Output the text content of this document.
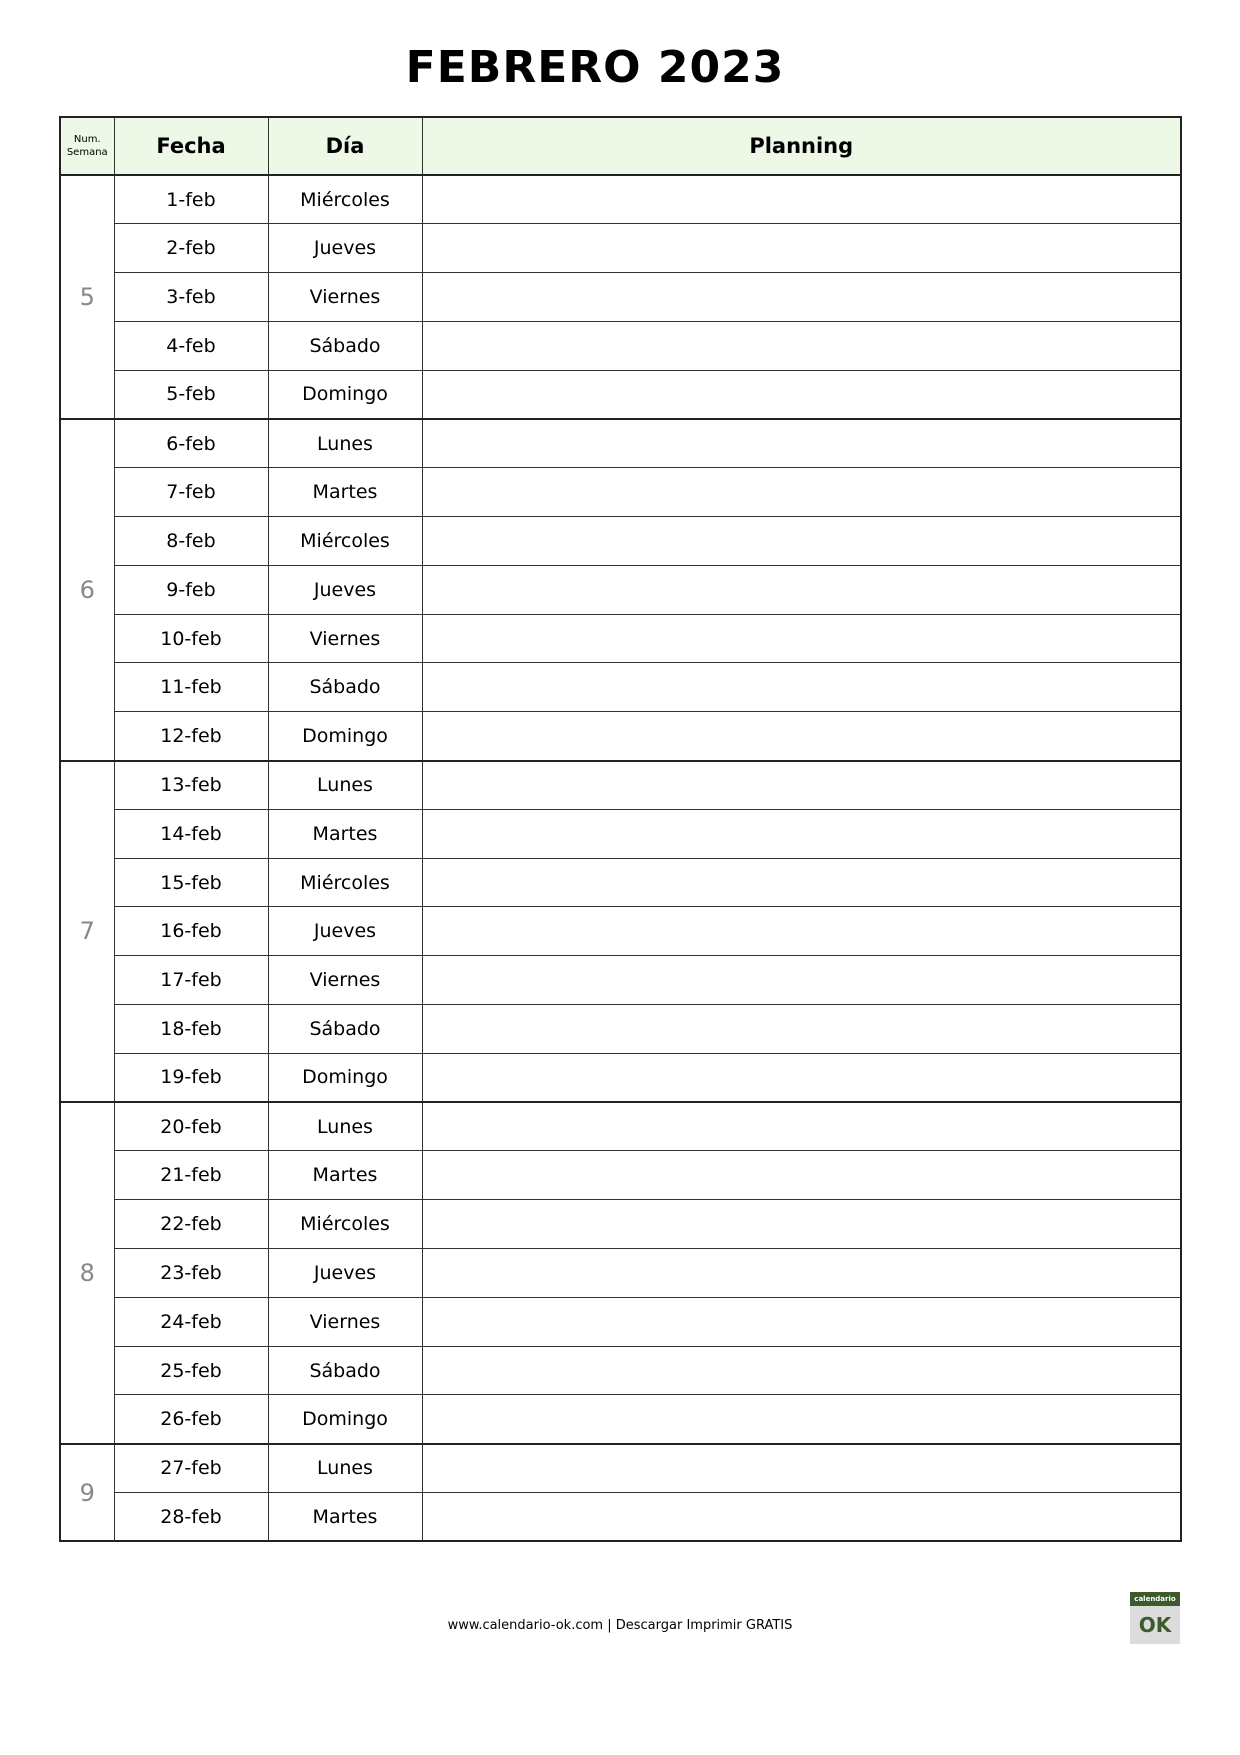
FEBRERO 2023
Num.
Semana	Fecha	Día	Planning
5	1-feb	Miércoles	
	2-feb	Jueves	
	3-feb	Viernes	
	4-feb	Sábado	
	5-feb	Domingo	
6	6-feb	Lunes	
	7-feb	Martes	
	8-feb	Miércoles	
	9-feb	Jueves	
	10-feb	Viernes	
	11-feb	Sábado	
	12-feb	Domingo	
7	13-feb	Lunes	
	14-feb	Martes	
	15-feb	Miércoles	
	16-feb	Jueves	
	17-feb	Viernes	
	18-feb	Sábado	
	19-feb	Domingo	
8	20-feb	Lunes	
	21-feb	Martes	
	22-feb	Miércoles	
	23-feb	Jueves	
	24-feb	Viernes	
	25-feb	Sábado	
	26-feb	Domingo	
9	27-feb	Lunes	
	28-feb	Martes	
www.calendario-ok.com | Descargar Imprimir GRATIS
calendario
OK
